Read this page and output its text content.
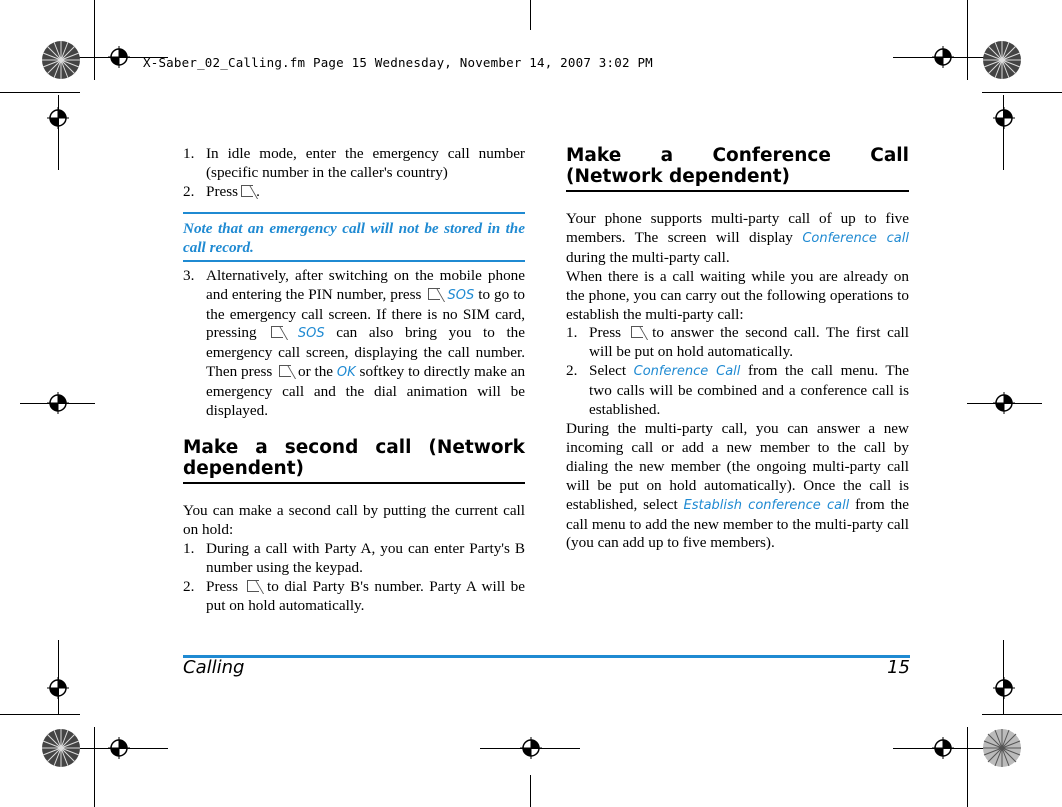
X-Saber_02_Calling.fm Page 15 Wednesday, November 14, 2007 3:02 PM
1. In idle mode, enter the emergency call number (specific number in the caller's country)
2. Press .
Note that an emergency call will not be stored in the call record.
3. Alternatively, after switching on the mobile phone and entering the PIN number, press SOS to go to the emergency call screen. If there is no SIM card, pressing	SOS can also bring you to the emergency call screen, displaying the call number. Then press or the OK softkey to directly make an emergency call and the dial animation will be displayed.
Make a second call (Network dependent)
You can make a second call by putting the current call on hold:
1. During a call with Party A, you can enter Party's B number using the keypad.
2. Press to dial Party B's number. Party A will be put on hold automatically.
Make a Conference Call (Network dependent)
Your phone supports multi-party call of up to five members. The screen will display Conference call during the multi-party call.
When there is a call waiting while you are already on the phone, you can carry out the following operations to establish the multi-party call:
1. Press to answer the second call. The first call will be put on hold automatically.
2. Select Conference Call from the call menu. The two calls will be combined and a conference call is established.
During the multi-party call, you can answer a new incoming call or add a new member to the call by dialing the new member (the ongoing multi-party call will be put on hold automatically). Once the call is established, select Establish conference call from the call menu to add the new member to the multi-party call (you can add up to five members).
Calling	15
